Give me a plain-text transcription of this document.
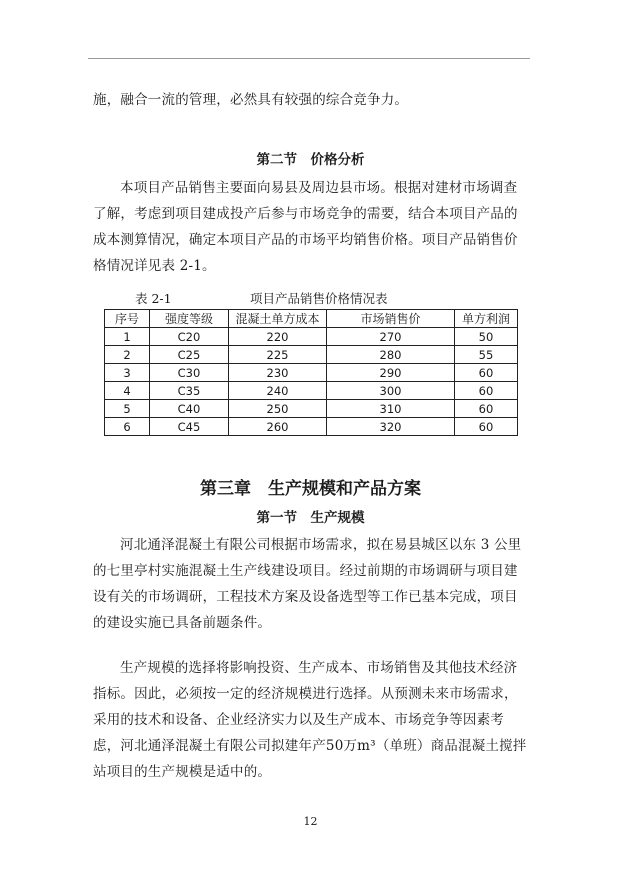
施，融合一流的管理，必然具有较强的综合竞争力。

第二节　价格分析

本项目产品销售主要面向易县及周边县市场。根据对建材市场调查了解，考虑到项目建成投产后参与市场竞争的需要，结合本项目产品的成本测算情况，确定本项目产品的市场平均销售价格。项目产品销售价格情况详见表 2-1。

表 2-1	项目产品销售价格情况表
序号	强度等级	混凝土单方成本	市场销售价	单方利润
1	C20	220	270	50
2	C25	225	280	55
3	C30	230	290	60
4	C35	240	300	60
5	C40	250	310	60
6	C45	260	320	60
第三章　生产规模和产品方案
第一节　生产规模

河北通泽混凝土有限公司根据市场需求，拟在易县城区以东 3 公里的七里亭村实施混凝土生产线建设项目。经过前期的市场调研与项目建设有关的市场调研，工程技术方案及设备选型等工作已基本完成，项目的建设实施已具备前题条件。

生产规模的选择将影响投资、生产成本、市场销售及其他技术经济指标。因此，必须按一定的经济规模进行选择。从预测未来市场需求，采用的技术和设备、企业经济实力以及生产成本、市场竞争等因素考虑，河北通泽混凝土有限公司拟建年产50万m³（单班）商品混凝土搅拌站项目的生产规模是适中的。

12
